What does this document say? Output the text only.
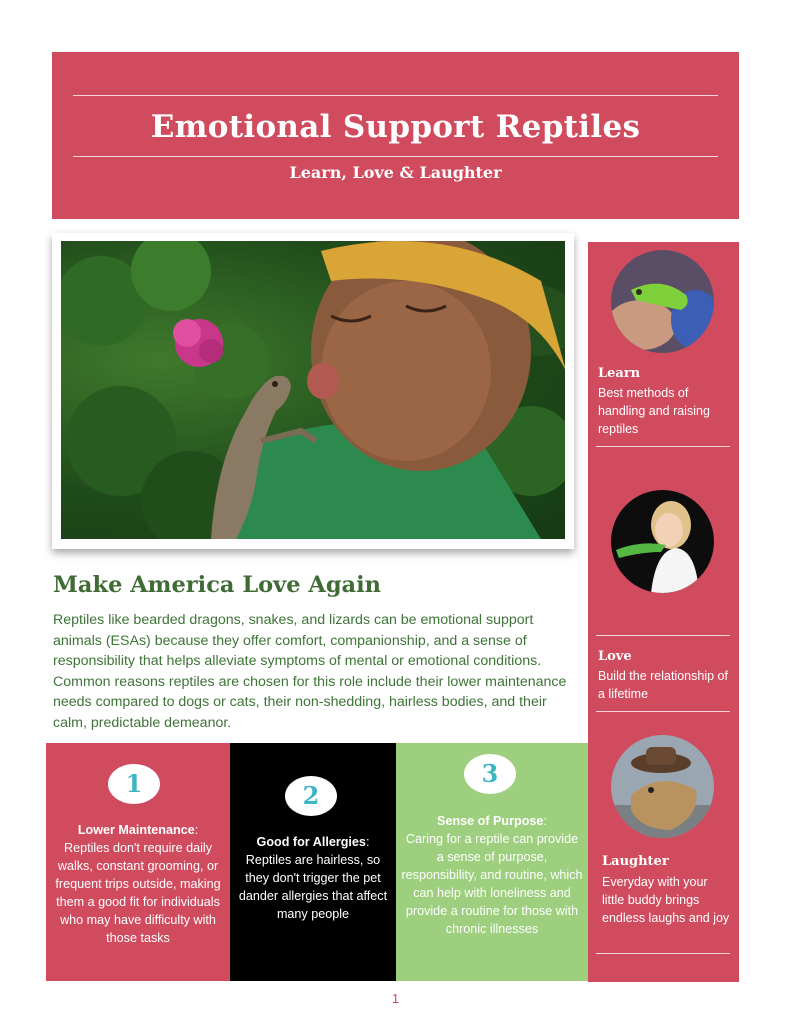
Emotional Support Reptiles
Learn, Love & Laughter
Learn
Best methods of handling and raising reptiles
Love
Build the relationship of a lifetime
Laughter
Everyday with your little buddy brings endless laughs and joy
Make America Love Again
Reptiles like bearded dragons, snakes, and lizards can be emotional support animals (ESAs) because they offer comfort, companionship, and a sense of responsibility that helps alleviate symptoms of mental or emotional conditions. Common reasons reptiles are chosen for this role include their lower maintenance needs compared to dogs or cats, their non-shedding, hairless bodies, and their calm, predictable demeanor.
1
Lower Maintenance:
Reptiles don't require daily walks, constant grooming, or frequent trips outside, making them a good fit for individuals who may have difficulty with those tasks
2
Good for Allergies:
Reptiles are hairless, so they don't trigger the pet dander allergies that affect many people
3
Sense of Purpose:
Caring for a reptile can provide a sense of purpose, responsibility, and routine, which can help with loneliness and provide a routine for those with chronic illnesses
1
